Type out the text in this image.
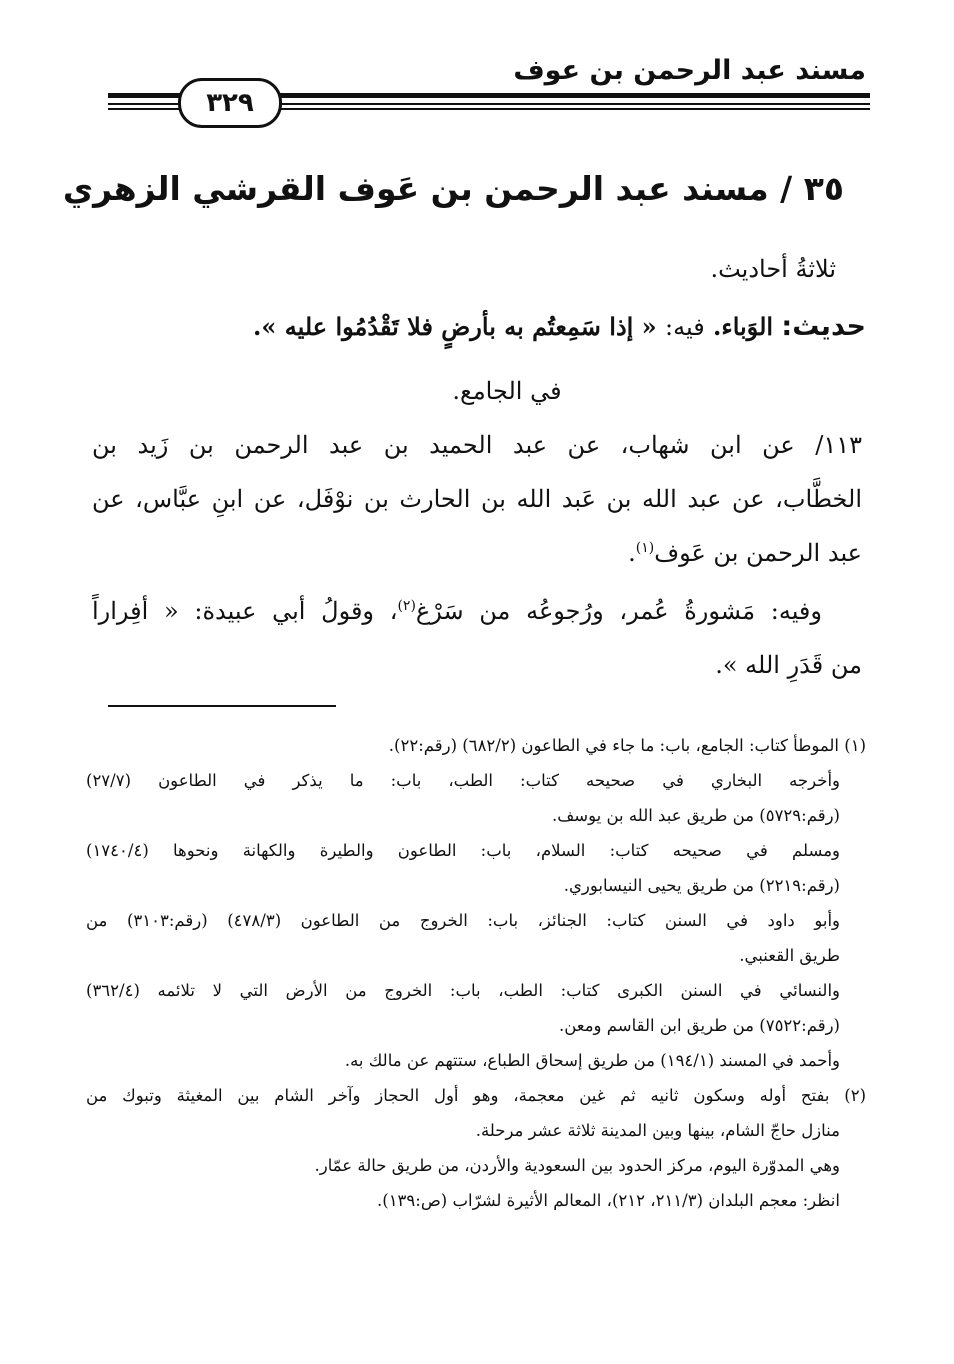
مسند عبد الرحمن بن عوف
٣٢٩
٣٥ / مسند عبد الرحمن بن عَوف القرشي الزهري
ثلاثةُ أحاديث.
حديث: الوَباء. فيه: « إذا سَمِعتُم به بأرضٍ فلا تَقْدُمُوا عليه ».
في الجامع.
١١٣/ عن ابن شهاب، عن عبد الحميد بن عبد الرحمن بن زَيد بن
الخطَّاب، عن عبد الله بن عَبد الله بن الحارث بن نوْفَل، عن ابنِ عبَّاس، عن
عبد الرحمن بن عَوف$^{(١)}$.
وفيه: مَشورةُ عُمر، ورُجوعُه من سَرْغ$^{(٢)}$، وقولُ أبي عبيدة: « أفِراراً
من قَدَرِ الله ».
(١) الموطأ كتاب: الجامع، باب: ما جاء في الطاعون (٦٨٢/٢) (رقم:٢٢).
وأخرجه البخاري في صحيحه كتاب: الطب، باب: ما يذكر في الطاعون (٢٧/٧)
(رقم:٥٧٢٩) من طريق عبد الله بن يوسف.
ومسلم في صحيحه كتاب: السلام، باب: الطاعون والطيرة والكهانة ونحوها (١٧٤٠/٤)
(رقم:٢٢١٩) من طريق يحيى النيسابوري.
وأبو داود في السنن كتاب: الجنائز، باب: الخروج من الطاعون (٤٧٨/٣) (رقم:٣١٠٣) من
طريق القعنبي.
والنسائي في السنن الكبرى كتاب: الطب، باب: الخروج من الأرض التي لا تلائمه (٣٦٢/٤)
(رقم:٧٥٢٢) من طريق ابن القاسم ومعن.
وأحمد في المسند (١٩٤/١) من طريق إسحاق الطباع، ستتهم عن مالك به.
(٢) بفتح أوله وسكون ثانيه ثم غين معجمة، وهو أول الحجاز وآخر الشام بين المغيثة وتبوك من
منازل حاجّ الشام، بينها وبين المدينة ثلاثة عشر مرحلة.
وهي المدوّرة اليوم، مركز الحدود بين السعودية والأردن، من طريق حالة عمّار.
انظر: معجم البلدان (٢١١/٣، ٢١٢)، المعالم الأثيرة لشرّاب (ص:١٣٩).
